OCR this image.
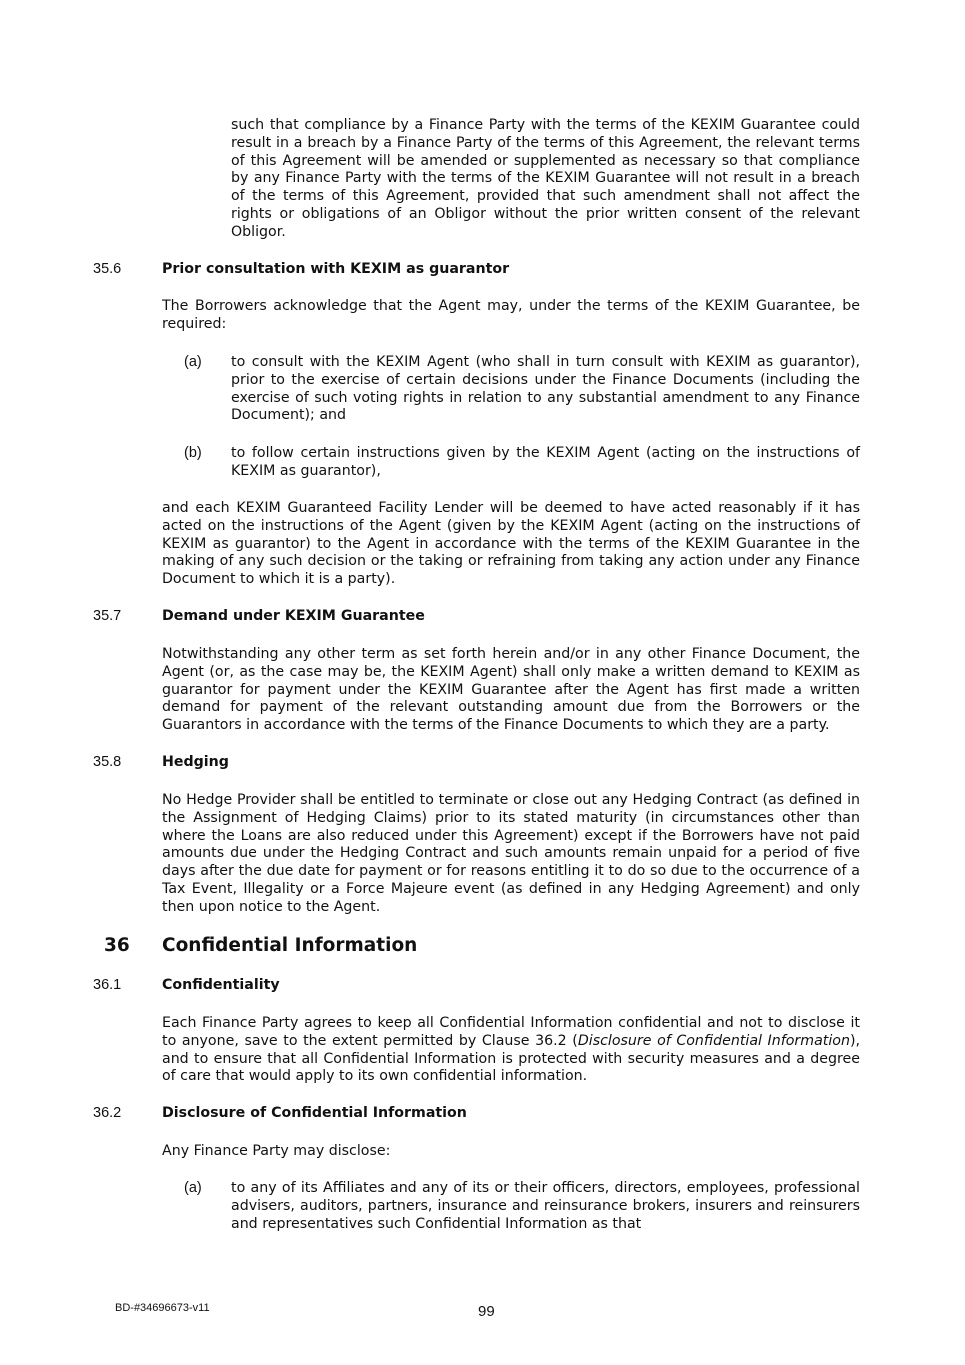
such that compliance by a Finance Party with the terms of the KEXIM Guarantee could result in a breach by a Finance Party of the terms of this Agreement, the relevant terms of this Agreement will be amended or supplemented as necessary so that compliance by any Finance Party with the terms of the KEXIM Guarantee will not result in a breach of the terms of this Agreement, provided that such amendment shall not affect the rights or obligations of an Obligor without the prior written consent of the relevant Obligor.
35.6	Prior consultation with KEXIM as guarantor
The Borrowers acknowledge that the Agent may, under the terms of the KEXIM Guarantee, be required:
(a) to consult with the KEXIM Agent (who shall in turn consult with KEXIM as guarantor), prior to the exercise of certain decisions under the Finance Documents (including the exercise of such voting rights in relation to any substantial amendment to any Finance Document); and
(b) to follow certain instructions given by the KEXIM Agent (acting on the instructions of KEXIM as guarantor),
and each KEXIM Guaranteed Facility Lender will be deemed to have acted reasonably if it has acted on the instructions of the Agent (given by the KEXIM Agent (acting on the instructions of KEXIM as guarantor) to the Agent in accordance with the terms of the KEXIM Guarantee in the making of any such decision or the taking or refraining from taking any action under any Finance Document to which it is a party).
35.7	Demand under KEXIM Guarantee
Notwithstanding any other term as set forth herein and/or in any other Finance Document, the Agent (or, as the case may be, the KEXIM Agent) shall only make a written demand to KEXIM as guarantor for payment under the KEXIM Guarantee after the Agent has first made a written demand for payment of the relevant outstanding amount due from the Borrowers or the Guarantors in accordance with the terms of the Finance Documents to which they are a party.
35.8	Hedging
No Hedge Provider shall be entitled to terminate or close out any Hedging Contract (as defined in the Assignment of Hedging Claims) prior to its stated maturity (in circumstances other than where the Loans are also reduced under this Agreement) except if the Borrowers have not paid amounts due under the Hedging Contract and such amounts remain unpaid for a period of five days after the due date for payment or for reasons entitling it to do so due to the occurrence of a Tax Event, Illegality or a Force Majeure event (as defined in any Hedging Agreement) and only then upon notice to the Agent.
36 Confidential Information
36.1	Confidentiality
Each Finance Party agrees to keep all Confidential Information confidential and not to disclose it to anyone, save to the extent permitted by Clause 36.2 (Disclosure of Confidential Information), and to ensure that all Confidential Information is protected with security measures and a degree of care that would apply to its own confidential information.
36.2	Disclosure of Confidential Information
Any Finance Party may disclose:
(a) to any of its Affiliates and any of its or their officers, directors, employees, professional advisers, auditors, partners, insurance and reinsurance brokers, insurers and reinsurers and representatives such Confidential Information as that
BD-#34696673-v11	99
